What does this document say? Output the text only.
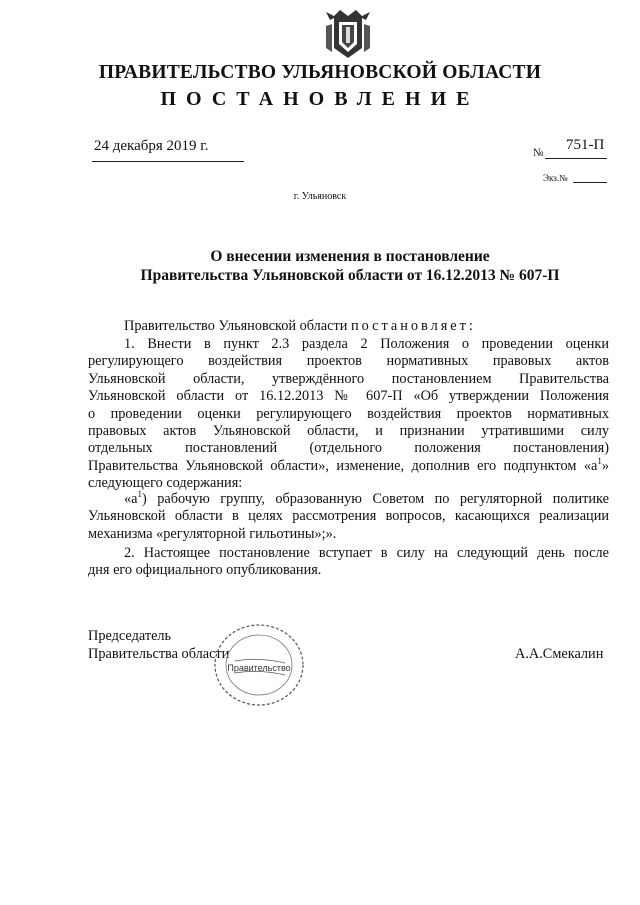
ПРАВИТЕЛЬСТВО УЛЬЯНОВСКОЙ ОБЛАСТИ
ПОСТАНОВЛЕНИЕ
24 декабря 2019 г.	№ 751-П
Экз.№
г. Ульяновск
О внесении изменения в постановление
Правительства Ульяновской области от 16.12.2013 № 607-П
Правительство Ульяновской области постановляет:
1. Внести в пункт 2.3 раздела 2 Положения о проведении оценки
регулирующего воздействия проектов нормативных правовых актов
Ульяновской области, утверждённого постановлением Правительства
Ульяновской области от 16.12.2013 № 607-П «Об утверждении Положения
о проведении оценки регулирующего воздействия проектов нормативных
правовых актов Ульяновской области, и признании утратившими силу
отдельных постановлений (отдельного положения постановления)
Правительства Ульяновской области», изменение, дополнив его подпунктом «$а^1$»
следующего содержания:
«$а^1$) рабочую группу, образованную Советом по регуляторной политике
Ульяновской области в целях рассмотрения вопросов, касающихся реализации
механизма «регуляторной гильотины»;».
2. Настоящее постановление вступает в силу на следующий день после
дня его официального опубликования.
Председатель
Правительства области	А.А.Смекалин
Правительство
